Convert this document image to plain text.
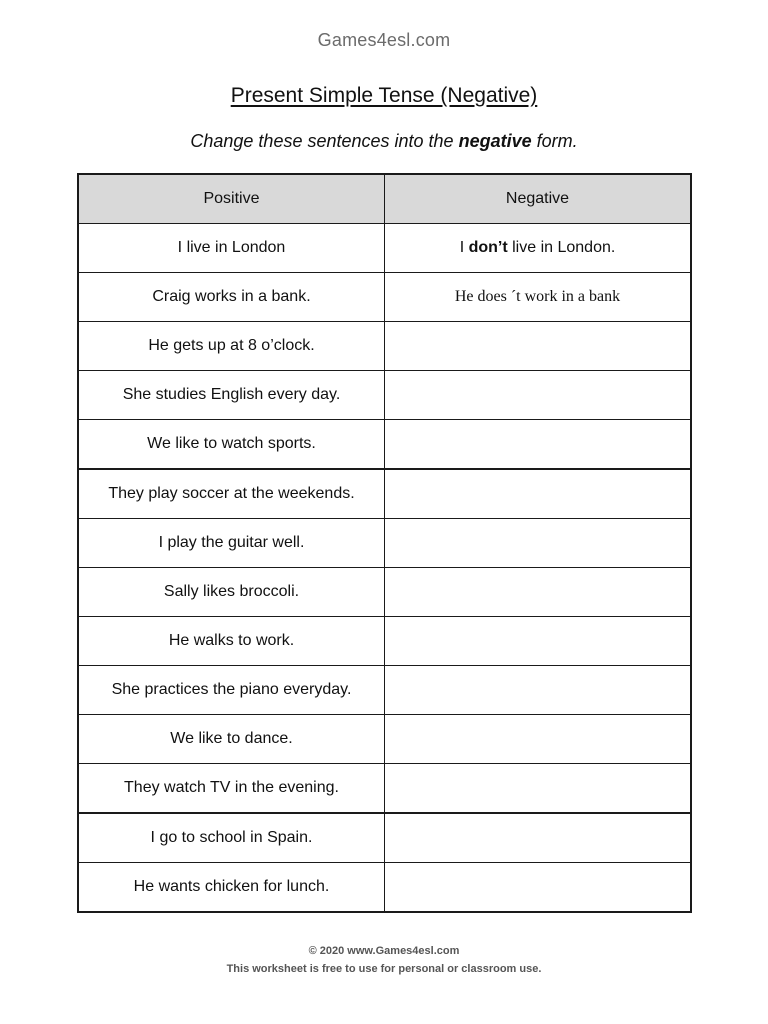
Games4esl.com
Present Simple Tense (Negative)
Change these sentences into the negative form.
Positive	Negative
I live in London	I don’t live in London.
Craig works in a bank.	He does ´t work in a bank
He gets up at 8 o’clock.	
She studies English every day.	
We like to watch sports.	
They play soccer at the weekends.	
I play the guitar well.	
Sally likes broccoli.	
He walks to work.	
She practices the piano everyday.	
We like to dance.	
They watch TV in the evening.	
I go to school in Spain.	
He wants chicken for lunch.	
© 2020 www.Games4esl.com
This worksheet is free to use for personal or classroom use.
